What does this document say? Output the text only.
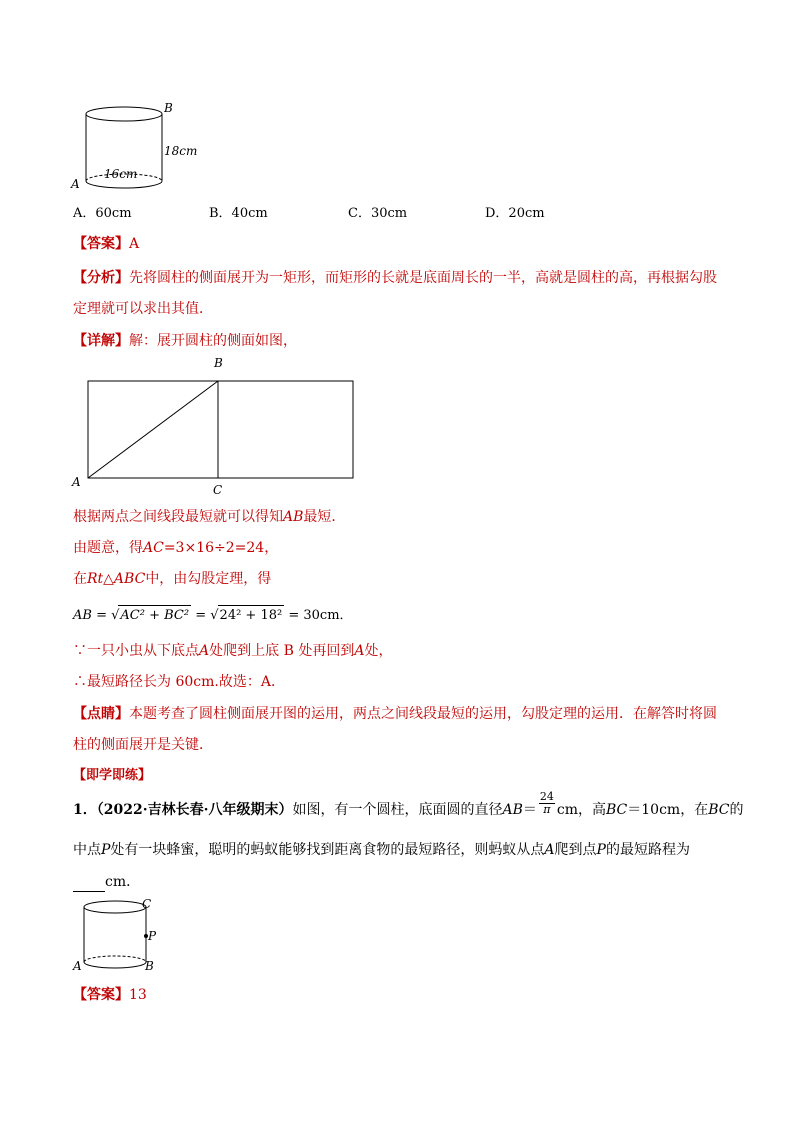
B
18cm
16cm
A
A．60cm	B．40cm	C．30cm	D．20cm
【答案】A
【分析】先将圆柱的侧面展开为一矩形，而矩形的长就是底面周长的一半，高就是圆柱的高，再根据勾股
定理就可以求出其值．
【详解】解：展开圆柱的侧面如图，
B
A
C
根据两点之间线段最短就可以得知AB最短．
由题意，得AC=3×16÷2=24，
在Rt△ABC中，由勾股定理，得
AB = √AC² + BC² = √24² + 18² = 30cm．
∵一只小虫从下底点A处爬到上底 B 处再回到A处，
∴最短路径长为 60cm.故选：A．
【点睛】本题考查了圆柱侧面展开图的运用，两点之间线段最短的运用，勾股定理的运用．在解答时将圆
柱的侧面展开是关键．
【即学即练】
1．（2022·吉林长春·八年级期末）如图，有一个圆柱，底面圆的直径$AB= \frac{24}{\pi}$ cm，高BC＝10cm，在BC的
中点P处有一块蜂蜜，聪明的蚂蚁能够找到距离食物的最短路径，则蚂蚁从点A爬到点P的最短路程为
cm．
C
P
A	B
【答案】13
